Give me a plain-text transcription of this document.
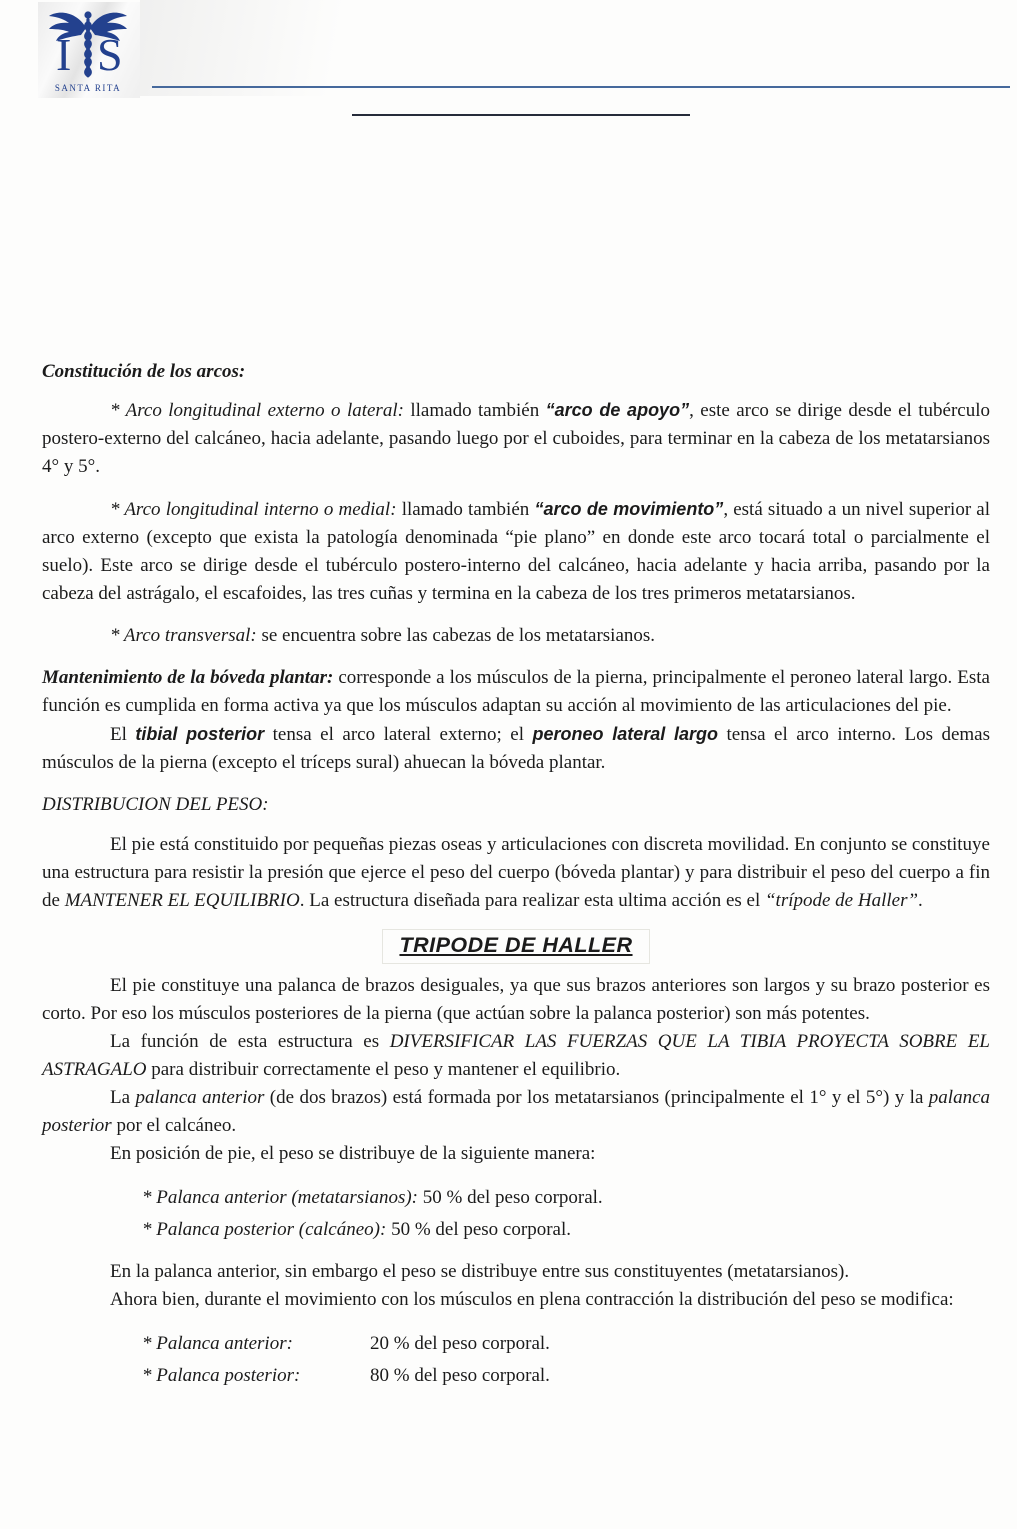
I S
SANTA RITA

Constitución de los arcos:

* Arco longitudinal externo o lateral: llamado también “arco de apoyo”, este arco se dirige desde el tubérculo postero-externo del calcáneo, hacia adelante, pasando luego por el cuboides, para terminar en la cabeza de los metatarsianos 4° y 5°.

* Arco longitudinal interno o medial: llamado también “arco de movimiento”, está situado a un nivel superior al arco externo (excepto que exista la patología denominada “pie plano” en donde este arco tocará total o parcialmente el suelo). Este arco se dirige desde el tubérculo postero-interno del calcáneo, hacia adelante y hacia arriba, pasando por la cabeza del astrágalo, el escafoides, las tres cuñas y termina en la cabeza de los tres primeros metatarsianos.

* Arco transversal: se encuentra sobre las cabezas de los metatarsianos.

Mantenimiento de la bóveda plantar: corresponde a los músculos de la pierna, principalmente el peroneo lateral largo. Esta función es cumplida en forma activa ya que los músculos adaptan su acción al movimiento de las articulaciones del pie.

El tibial posterior tensa el arco lateral externo; el peroneo lateral largo tensa el arco interno. Los demas músculos de la pierna (excepto el tríceps sural) ahuecan la bóveda plantar.

DISTRIBUCION DEL PESO:

El pie está constituido por pequeñas piezas oseas y articulaciones con discreta movilidad. En conjunto se constituye una estructura para resistir la presión que ejerce el peso del cuerpo (bóveda plantar) y para distribuir el peso del cuerpo a fin de MANTENER EL EQUILIBRIO. La estructura diseñada para realizar esta ultima acción es el “trípode de Haller”.

TRIPODE DE HALLER

El pie constituye una palanca de brazos desiguales, ya que sus brazos anteriores son largos y su brazo posterior es corto. Por eso los músculos posteriores de la pierna (que actúan sobre la palanca posterior) son más potentes.

La función de esta estructura es DIVERSIFICAR LAS FUERZAS QUE LA TIBIA PROYECTA SOBRE EL ASTRAGALO para distribuir correctamente el peso y mantener el equilibrio.

La palanca anterior (de dos brazos) está formada por los metatarsianos (principalmente el 1° y el 5°) y la palanca posterior por el calcáneo.

En posición de pie, el peso se distribuye de la siguiente manera:

* Palanca anterior (metatarsianos): 50 % del peso corporal.
* Palanca posterior (calcáneo): 50 % del peso corporal.

En la palanca anterior, sin embargo el peso se distribuye entre sus constituyentes (metatarsianos).

Ahora bien, durante el movimiento con los músculos en plena contracción la distribución del peso se modifica:

* Palanca anterior:	20 % del peso corporal.
* Palanca posterior:	80 % del peso corporal.
